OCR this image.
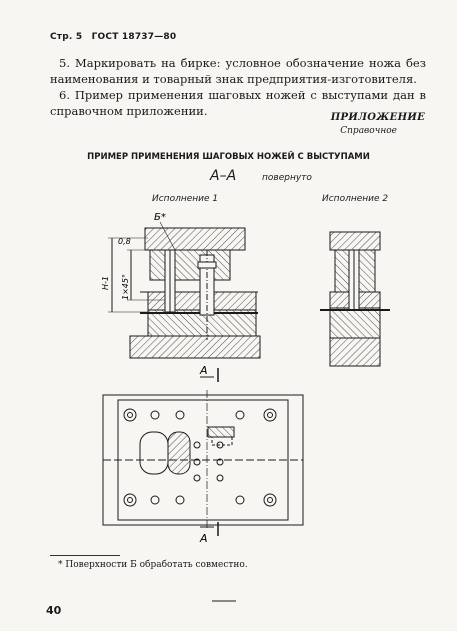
Стр. 5 ГОСТ 18737—80
5. Маркировать на бирке: условное обозначение ножа без наименования и товарный знак предприятия-изготовителя.
6. Пример применения шаговых ножей с выступами дан в справочном приложении.	ПРИЛОЖЕНИЕ
Справочное
ПРИМЕР ПРИМЕНЕНИЯ ШАГОВЫХ НОЖЕЙ С ВЫСТУПАМИ
А–А	повернуто
Исполнение 1	Исполнение 2
Б*
0,8
H-1 1×45°
А
А
* Поверхности Б обработать совместно.
40
